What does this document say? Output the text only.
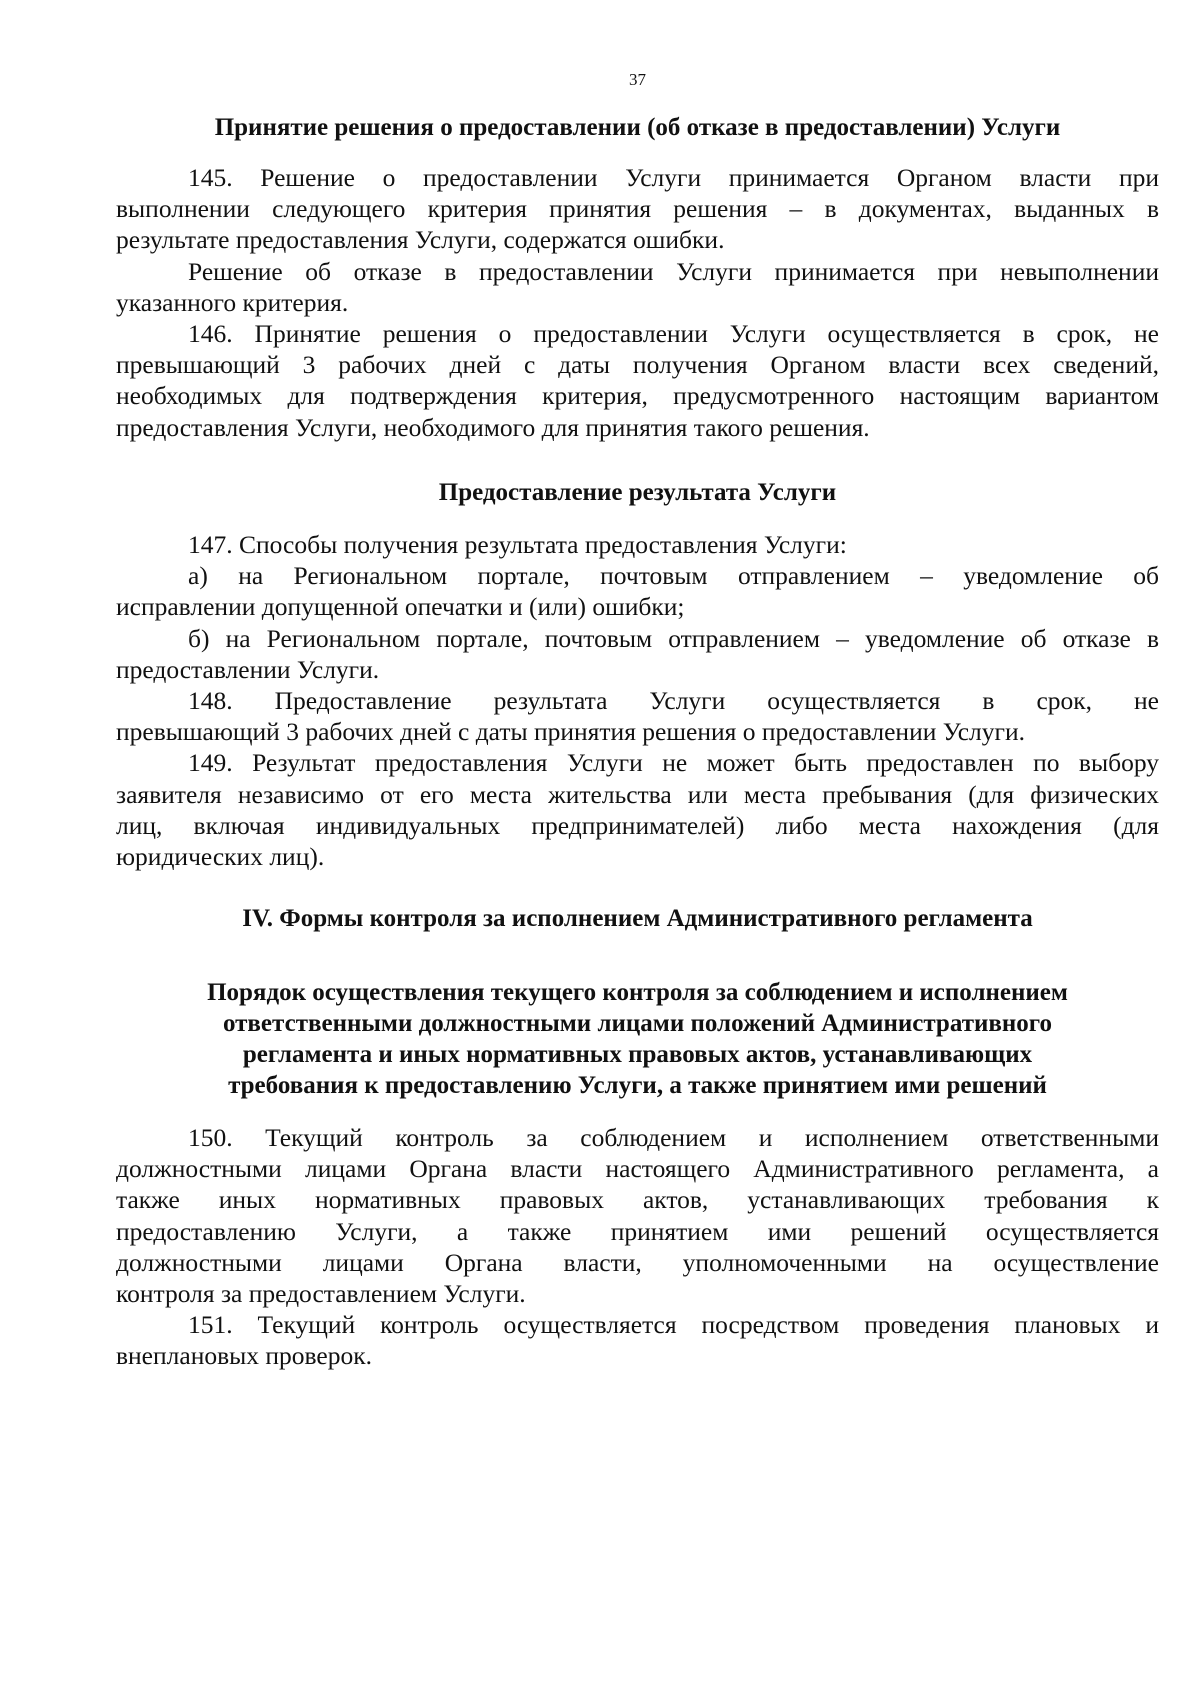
37

Принятие решения о предоставлении (об отказе в предоставлении) Услуги

145. Решение о предоставлении Услуги принимается Органом власти при
выполнении следующего критерия принятия решения – в документах, выданных в
результате предоставления Услуги, содержатся ошибки.

Решение об отказе в предоставлении Услуги принимается при невыполнении
указанного критерия.

146. Принятие решения о предоставлении Услуги осуществляется в срок, не
превышающий 3 рабочих дней с даты получения Органом власти всех сведений,
необходимых для подтверждения критерия, предусмотренного настоящим вариантом
предоставления Услуги, необходимого для принятия такого решения.

Предоставление результата Услуги

147. Способы получения результата предоставления Услуги:

а) на Региональном портале, почтовым отправлением – уведомление об
исправлении допущенной опечатки и (или) ошибки;

б) на Региональном портале, почтовым отправлением – уведомление об отказе в
предоставлении Услуги.

148. Предоставление результата Услуги осуществляется в срок, не
превышающий 3 рабочих дней с даты принятия решения о предоставлении Услуги.

149. Результат предоставления Услуги не может быть предоставлен по выбору
заявителя независимо от его места жительства или места пребывания (для физических
лиц, включая индивидуальных предпринимателей) либо места нахождения (для
юридических лиц).

IV. Формы контроля за исполнением Административного регламента
Порядок осуществления текущего контроля за соблюдением и исполнением
ответственными должностными лицами положений Административного
регламента и иных нормативных правовых актов, устанавливающих
требования к предоставлению Услуги, а также принятием ими решений

150. Текущий контроль за соблюдением и исполнением ответственными
должностными лицами Органа власти настоящего Административного регламента, а
также иных нормативных правовых актов, устанавливающих требования к
предоставлению Услуги, а также принятием ими решений осуществляется
должностными лицами Органа власти, уполномоченными на осуществление
контроля за предоставлением Услуги.

151. Текущий контроль осуществляется посредством проведения плановых и
внеплановых проверок.
